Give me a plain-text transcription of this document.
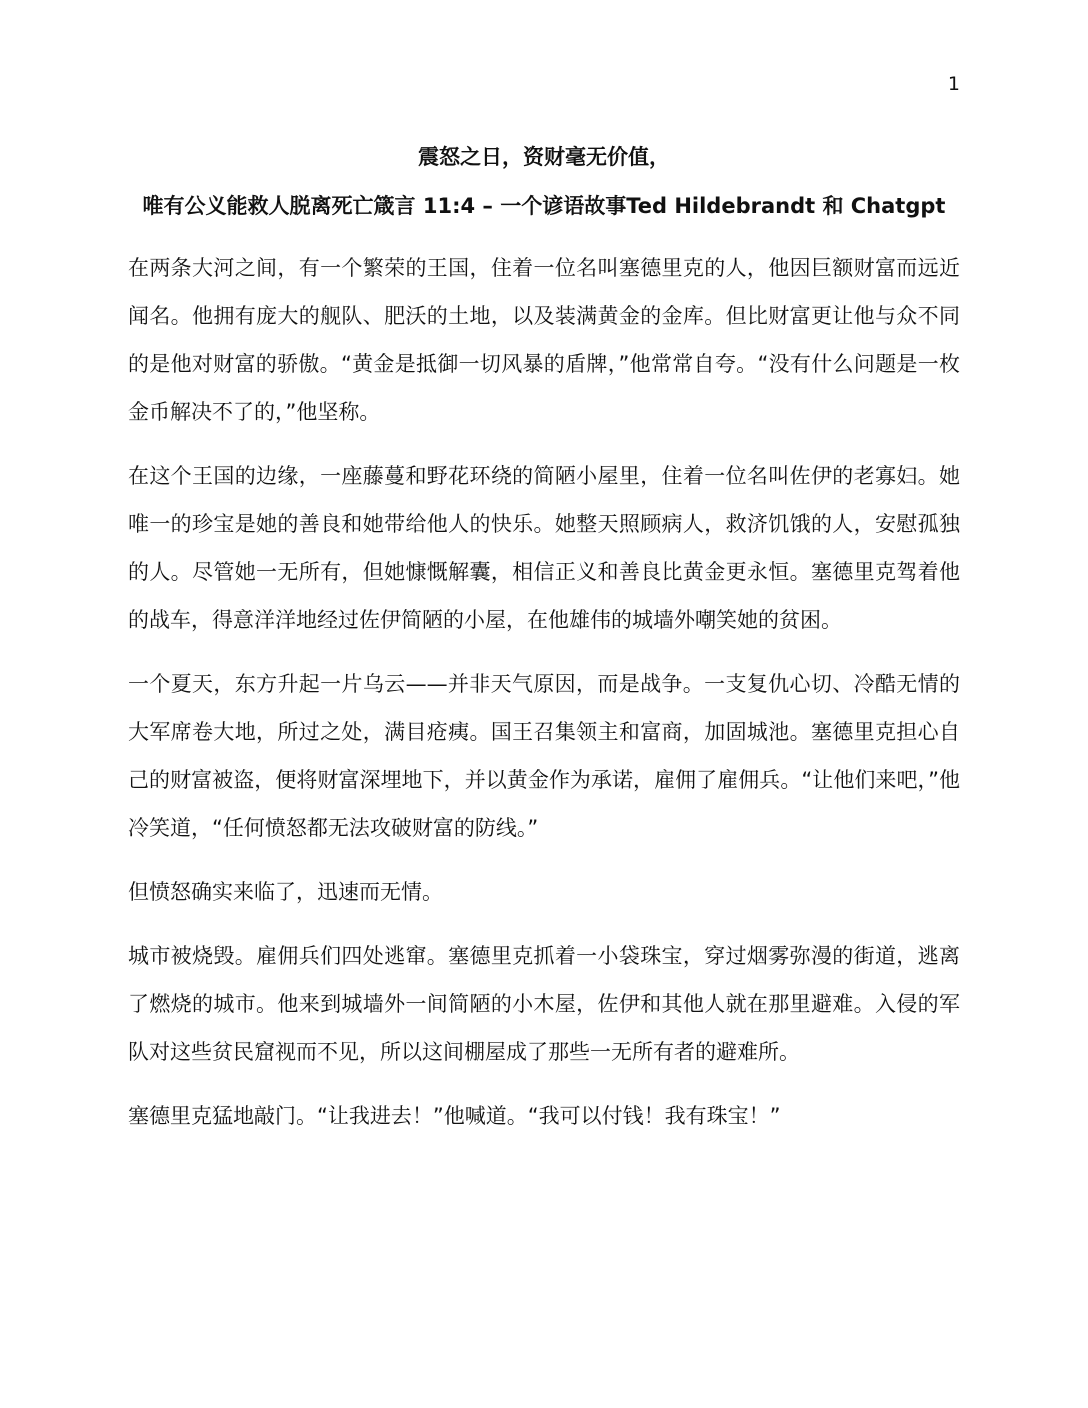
1

震怒之日，资财毫无价值，

唯有公义能救人脱离死亡箴言 11:4 – 一个谚语故事Ted Hildebrandt 和 Chatgpt

在两条大河之间，有一个繁荣的王国，住着一位名叫塞德里克的人，他因巨额财富而远近闻名。他拥有庞大的舰队、肥沃的土地，以及装满黄金的金库。但比财富更让他与众不同的是他对财富的骄傲。“黄金是抵御一切风暴的盾牌，”他常常自夸。“没有什么问题是一枚金币解决不了的，”他坚称。

在这个王国的边缘，一座藤蔓和野花环绕的简陋小屋里，住着一位名叫佐伊的老寡妇。她唯一的珍宝是她的善良和她带给他人的快乐。她整天照顾病人，救济饥饿的人，安慰孤独的人。尽管她一无所有，但她慷慨解囊，相信正义和善良比黄金更永恒。塞德里克驾着他的战车，得意洋洋地经过佐伊简陋的小屋，在他雄伟的城墙外嘲笑她的贫困。

一个夏天，东方升起一片乌云——并非天气原因，而是战争。一支复仇心切、冷酷无情的大军席卷大地，所过之处，满目疮痍。国王召集领主和富商，加固城池。塞德里克担心自己的财富被盗，便将财富深埋地下，并以黄金作为承诺，雇佣了雇佣兵。“让他们来吧，”他冷笑道，“任何愤怒都无法攻破财富的防线。”

但愤怒确实来临了，迅速而无情。

城市被烧毁。雇佣兵们四处逃窜。塞德里克抓着一小袋珠宝，穿过烟雾弥漫的街道，逃离了燃烧的城市。他来到城墙外一间简陋的小木屋，佐伊和其他人就在那里避难。入侵的军队对这些贫民窟视而不见，所以这间棚屋成了那些一无所有者的避难所。

塞德里克猛地敲门。“让我进去！”他喊道。“我可以付钱！我有珠宝！”
